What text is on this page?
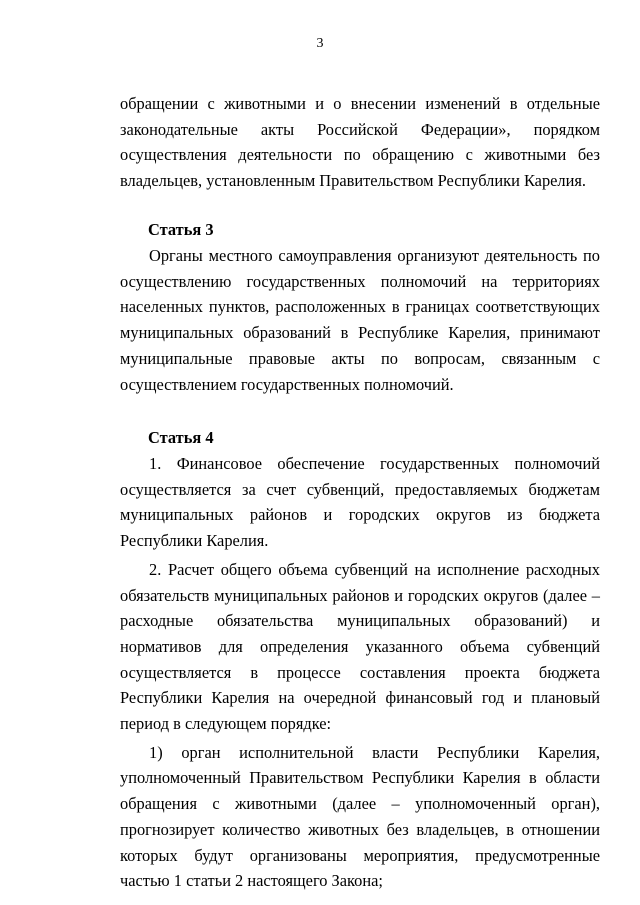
3

обращении с животными и о внесении изменений в отдельные законодательные акты Российской Федерации», порядком осуществления деятельности по обращению с животными без владельцев, установленным Правительством Республики Карелия.

Статья 3

Органы местного самоуправления организуют деятельность по осуществлению государственных полномочий на территориях населенных пунктов, расположенных в границах соответствующих муниципальных образований в Республике Карелия, принимают муниципальные правовые акты по вопросам, связанным с осуществлением государственных полномочий.

Статья 4

1. Финансовое обеспечение государственных полномочий осуществляется за счет субвенций, предоставляемых бюджетам муниципальных районов и городских округов из бюджета Республики Карелия.

2. Расчет общего объема субвенций на исполнение расходных обязательств муниципальных районов и городских округов (далее – расходные обязательства муниципальных образований) и нормативов для определения указанного объема субвенций осуществляется в процессе составления проекта бюджета Республики Карелия на очередной финансовый год и плановый период в следующем порядке:

1) орган исполнительной власти Республики Карелия, уполномоченный Правительством Республики Карелия в области обращения с животными (далее – уполномоченный орган), прогнозирует количество животных без владельцев, в отношении которых будут организованы мероприятия, предусмотренные частью 1 статьи 2 настоящего Закона;
